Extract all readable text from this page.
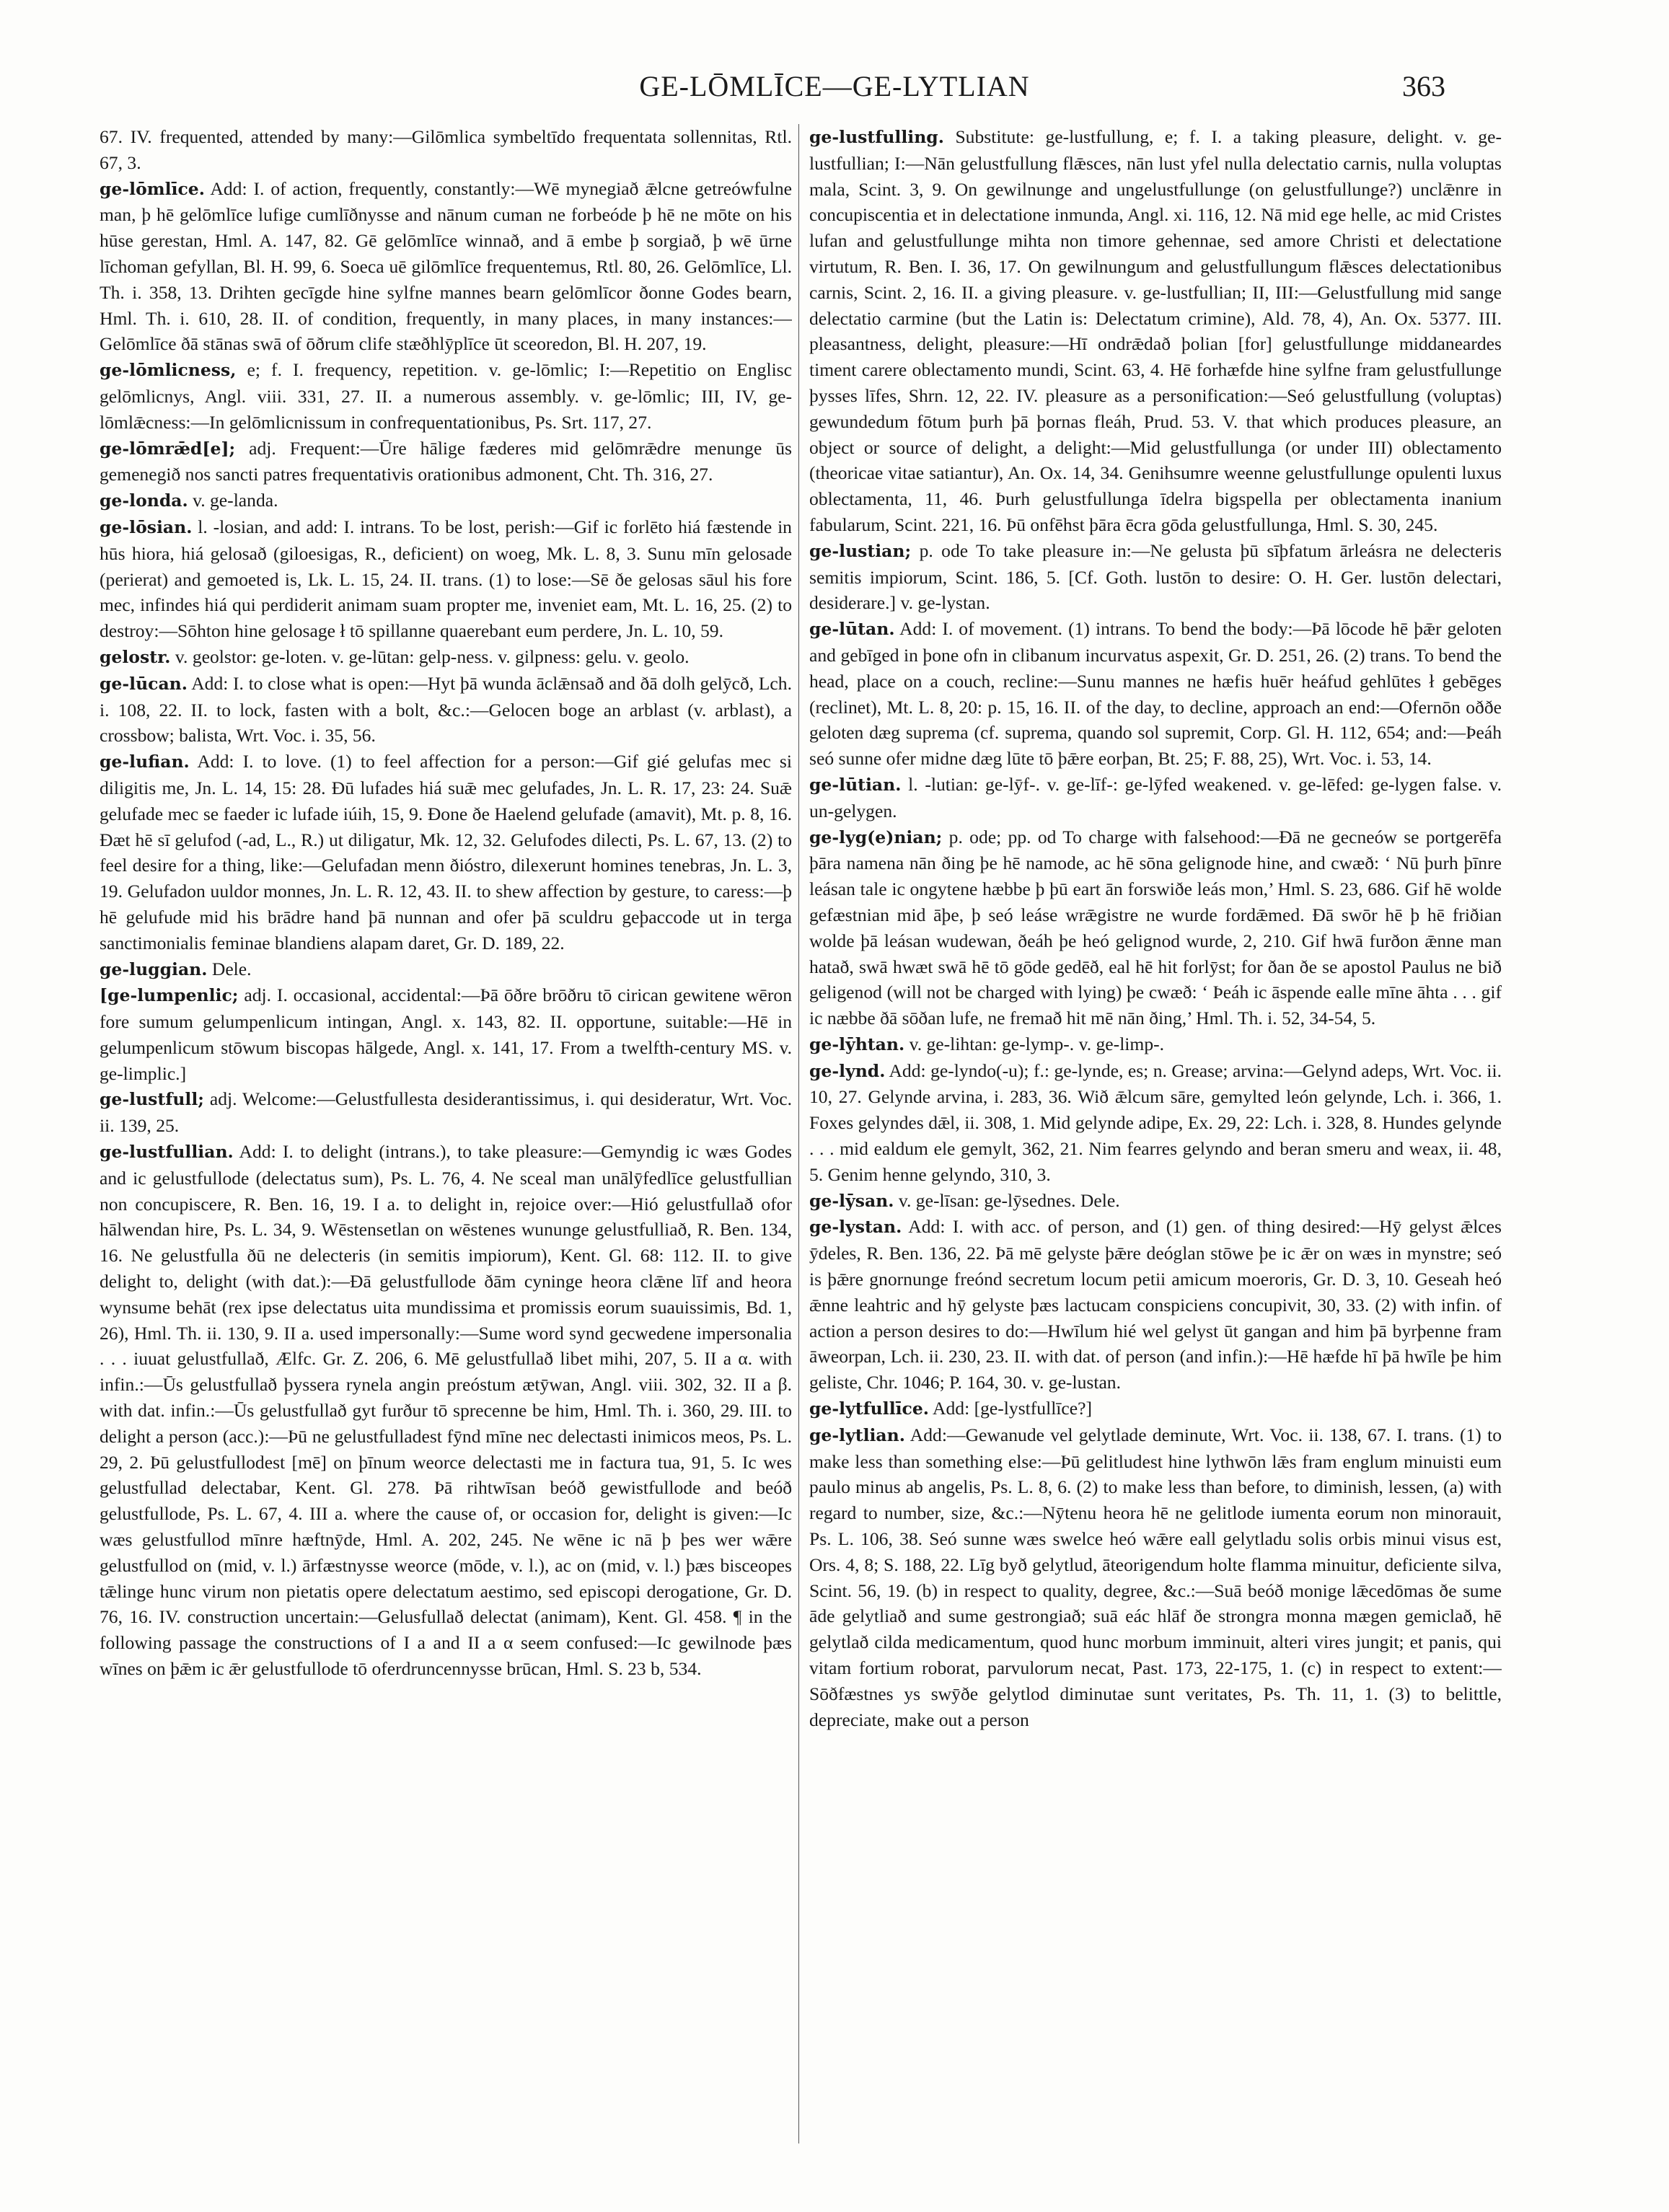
GE-LŌMLĪCE—GE-LYTLIAN	363

67. IV. frequented, attended by many:—Gilōmlica symbeltīdo frequentata sollennitas, Rtl. 67, 3.

ge-lōmlīce. Add: I. of action, frequently, constantly:—Wē mynegiað ǣlcne getreówfulne man, þ hē gelōmlīce lufige cumlīðnysse and nānum cuman ne forbeóde þ hē ne mōte on his hūse gerestan, Hml. A. 147, 82. Gē gelōmlīce winnað, and ā embe þ sorgiað, þ wē ūrne līchoman gefyllan, Bl. H. 99, 6. Soeca uē gilōmlīce frequentemus, Rtl. 80, 26. Gelōmlīce, Ll. Th. i. 358, 13. Drihten gecīgde hine sylfne mannes bearn gelōmlīcor ðonne Godes bearn, Hml. Th. i. 610, 28. II. of condition, frequently, in many places, in many instances:—Gelōmlīce ðā stānas swā of ōðrum clife stæðhlȳplīce ūt sceoredon, Bl. H. 207, 19.

ge-lōmlicness, e; f. I. frequency, repetition. v. ge-lōmlic; I:—Repetitio on Englisc gelōmlicnys, Angl. viii. 331, 27. II. a numerous assembly. v. ge-lōmlic; III, IV, ge-lōmlǣcness:—In gelōmlicnissum in confrequentationibus, Ps. Srt. 117, 27.

ge-lōmrǣd[e]; adj. Frequent:—Ūre hālige fæderes mid gelōmrǣdre menunge ūs gemenegið nos sancti patres frequentativis orationibus admonent, Cht. Th. 316, 27.

ge-londa. v. ge-landa.

ge-lōsian. l. -losian, and add: I. intrans. To be lost, perish:—Gif ic forlēto hiá fæstende in hūs hiora, hiá gelosað (giloesigas, R., deficient) on woeg, Mk. L. 8, 3. Sunu mīn gelosade (perierat) and gemoeted is, Lk. L. 15, 24. II. trans. (1) to lose:—Sē ðe gelosas sāul his fore mec, infindes hiá qui perdiderit animam suam propter me, inveniet eam, Mt. L. 16, 25. (2) to destroy:—Sōhton hine gelosage ł tō spillanne quaerebant eum perdere, Jn. L. 10, 59.

gelostr. v. geolstor: ge-loten. v. ge-lūtan: gelp-ness. v. gilpness: gelu. v. geolo.

ge-lūcan. Add: I. to close what is open:—Hyt þā wunda āclǣnsað and ðā dolh gelȳcð, Lch. i. 108, 22. II. to lock, fasten with a bolt, &c.:—Gelocen boge an arblast (v. arblast), a crossbow; balista, Wrt. Voc. i. 35, 56.

ge-lufian. Add: I. to love. (1) to feel affection for a person:—Gif gié gelufas mec si diligitis me, Jn. L. 14, 15: 28. Ðū lufades hiá suǣ mec gelufades, Jn. L. R. 17, 23: 24. Suǣ gelufade mec se faeder ic lufade iúih, 15, 9. Ðone ðe Haelend gelufade (amavit), Mt. p. 8, 16. Ðæt hē sī gelufod (-ad, L., R.) ut diligatur, Mk. 12, 32. Gelufodes dilecti, Ps. L. 67, 13. (2) to feel desire for a thing, like:—Gelufadan menn ðióstro, dilexerunt homines tenebras, Jn. L. 3, 19. Gelufadon uuldor monnes, Jn. L. R. 12, 43. II. to shew affection by gesture, to caress:—þ hē gelufude mid his brādre hand þā nunnan and ofer þā sculdru geþaccode ut in terga sanctimonialis feminae blandiens alapam daret, Gr. D. 189, 22.

ge-luggian. Dele.

[ge-lumpenlic; adj. I. occasional, accidental:—Þā ōðre brōðru tō cirican gewitene wēron fore sumum gelumpenlicum intingan, Angl. x. 143, 82. II. opportune, suitable:—Hē in gelumpenlicum stōwum biscopas hālgede, Angl. x. 141, 17. From a twelfth-century MS. v. ge-limplic.]

ge-lustfull; adj. Welcome:—Gelustfullesta desiderantissimus, i. qui desideratur, Wrt. Voc. ii. 139, 25.

ge-lustfullian. Add: I. to delight (intrans.), to take pleasure:—Gemyndig ic wæs Godes and ic gelustfullode (delectatus sum), Ps. L. 76, 4. Ne sceal man unālȳfedlīce gelustfullian non concupiscere, R. Ben. 16, 19. I a. to delight in, rejoice over:—Hió gelustfullað ofor hālwendan hire, Ps. L. 34, 9. Wēstensetlan on wēstenes wununge gelustfulliað, R. Ben. 134, 16. Ne gelustfulla ðū ne delecteris (in semitis impiorum), Kent. Gl. 68: 112. II. to give delight to, delight (with dat.):—Ðā gelustfullode ðām cyninge heora clǣne līf and heora wynsume behāt (rex ipse delectatus uita mundissima et promissis eorum suauissimis, Bd. 1, 26), Hml. Th. ii. 130, 9. II a. used impersonally:—Sume word synd gecwedene impersonalia . . . iuuat gelustfullað, Ælfc. Gr. Z. 206, 6. Mē gelustfullað libet mihi, 207, 5. II a α. with infin.:—Ūs gelustfullað þyssera rynela angin preóstum ætȳwan, Angl. viii. 302, 32. II a β. with dat. infin.:—Ūs gelustfullað gyt furður tō sprecenne be him, Hml. Th. i. 360, 29. III. to delight a person (acc.):—Þū ne gelustfulladest fȳnd mīne nec delectasti inimicos meos, Ps. L. 29, 2. Þū gelustfullodest [mē] on þīnum weorce delectasti me in factura tua, 91, 5. Ic wes gelustfullad delectabar, Kent. Gl. 278. Þā rihtwīsan beóð gewistfullode and beóð gelustfullode, Ps. L. 67, 4. III a. where the cause of, or occasion for, delight is given:—Ic wæs gelustfullod mīnre hæftnȳde, Hml. A. 202, 245. Ne wēne ic nā þ þes wer wǣre gelustfullod on (mid, v. l.) ārfæstnysse weorce (mōde, v. l.), ac on (mid, v. l.) þæs bisceopes tǣlinge hunc virum non pietatis opere delectatum aestimo, sed episcopi derogatione, Gr. D. 76, 16. IV. construction uncertain:—Gelusfullað delectat (animam), Kent. Gl. 458. ¶ in the following passage the constructions of I a and II a α seem confused:—Ic gewilnode þæs wīnes on þǣm ic ǣr gelustfullode tō oferdruncennysse brūcan, Hml. S. 23 b, 534.

ge-lustfulling. Substitute: ge-lustfullung, e; f. I. a taking pleasure, delight. v. ge-lustfullian; I:—Nān gelustfullung flǣsces, nān lust yfel nulla delectatio carnis, nulla voluptas mala, Scint. 3, 9. On gewilnunge and ungelustfullunge (on gelustfullunge?) unclǣnre in concupiscentia et in delectatione inmunda, Angl. xi. 116, 12. Nā mid ege helle, ac mid Cristes lufan and gelustfullunge mihta non timore gehennae, sed amore Christi et delectatione virtutum, R. Ben. I. 36, 17. On gewilnungum and gelustfullungum flǣsces delectationibus carnis, Scint. 2, 16. II. a giving pleasure. v. ge-lustfullian; II, III:—Gelustfullung mid sange delectatio carmine (but the Latin is: Delectatum crimine), Ald. 78, 4), An. Ox. 5377. III. pleasantness, delight, pleasure:—Hī ondrǣdað þolian [for] gelustfullunge middaneardes timent carere oblectamento mundi, Scint. 63, 4. Hē forhæfde hine sylfne fram gelustfullunge þysses līfes, Shrn. 12, 22. IV. pleasure as a personification:—Seó gelustfullung (voluptas) gewundedum fōtum þurh þā þornas fleáh, Prud. 53. V. that which produces pleasure, an object or source of delight, a delight:—Mid gelustfullunga (or under III) oblectamento (theoricae vitae satiantur), An. Ox. 14, 34. Genihsumre weenne gelustfullunge opulenti luxus oblectamenta, 11, 46. Þurh gelustfullunga īdelra bigspella per oblectamenta inanium fabularum, Scint. 221, 16. Þū onfēhst þāra ēcra gōda gelustfullunga, Hml. S. 30, 245.

ge-lustian; p. ode To take pleasure in:—Ne gelusta þū sīþfatum ārleásra ne delecteris semitis impiorum, Scint. 186, 5. [Cf. Goth. lustōn to desire: O. H. Ger. lustōn delectari, desiderare.] v. ge-lystan.

ge-lūtan. Add: I. of movement. (1) intrans. To bend the body:—Þā lōcode hē þǣr geloten and gebīged in þone ofn in clibanum incurvatus aspexit, Gr. D. 251, 26. (2) trans. To bend the head, place on a couch, recline:—Sunu mannes ne hæfis huēr heáfud gehlūtes ł gebēges (reclinet), Mt. L. 8, 20: p. 15, 16. II. of the day, to decline, approach an end:—Ofernōn oððe geloten dæg suprema (cf. suprema, quando sol supremit, Corp. Gl. H. 112, 654; and:—Þeáh seó sunne ofer midne dæg lūte tō þǣre eorþan, Bt. 25; F. 88, 25), Wrt. Voc. i. 53, 14.

ge-lūtian. l. -lutian: ge-lȳf-. v. ge-līf-: ge-lȳfed weakened. v. ge-lēfed: ge-lygen false. v. un-gelygen.

ge-lyg(e)nian; p. ode; pp. od To charge with falsehood:—Ðā ne gecneów se portgerēfa þāra namena nān ðing þe hē namode, ac hē sōna gelignode hine, and cwæð: ‘ Nū þurh þīnre leásan tale ic ongytene hæbbe þ þū eart ān forswiðe leás mon,’ Hml. S. 23, 686. Gif hē wolde gefæstnian mid āþe, þ seó leáse wrǣgistre ne wurde fordǣmed. Ðā swōr hē þ hē friðian wolde þā leásan wudewan, ðeáh þe heó gelignod wurde, 2, 210. Gif hwā furðon ǣnne man hatað, swā hwæt swā hē tō gōde gedēð, eal hē hit forlȳst; for ðan ðe se apostol Paulus ne bið geligenod (will not be charged with lying) þe cwæð: ‘ Þeáh ic āspende ealle mīne āhta . . . gif ic næbbe ðā sōðan lufe, ne fremað hit mē nān ðing,’ Hml. Th. i. 52, 34-54, 5.

ge-lȳhtan. v. ge-lihtan: ge-lymp-. v. ge-limp-.

ge-lynd. Add: ge-lyndo(-u); f.: ge-lynde, es; n. Grease; arvina:—Gelynd adeps, Wrt. Voc. ii. 10, 27. Gelynde arvina, i. 283, 36. Wið ǣlcum sāre, gemylted león gelynde, Lch. i. 366, 1. Foxes gelyndes dǣl, ii. 308, 1. Mid gelynde adipe, Ex. 29, 22: Lch. i. 328, 8. Hundes gelynde . . . mid ealdum ele gemylt, 362, 21. Nim fearres gelyndo and beran smeru and weax, ii. 48, 5. Genim henne gelyndo, 310, 3.

ge-lȳsan. v. ge-līsan: ge-lȳsednes. Dele.

ge-lystan. Add: I. with acc. of person, and (1) gen. of thing desired:—Hȳ gelyst ǣlces ȳdeles, R. Ben. 136, 22. Þā mē gelyste þǣre deóglan stōwe þe ic ǣr on wæs in mynstre; seó is þǣre gnornunge freónd secretum locum petii amicum moeroris, Gr. D. 3, 10. Geseah heó ǣnne leahtric and hȳ gelyste þæs lactucam conspiciens concupivit, 30, 33. (2) with infin. of action a person desires to do:—Hwīlum hié wel gelyst ūt gangan and him þā byrþenne fram āweorpan, Lch. ii. 230, 23. II. with dat. of person (and infin.):—Hē hæfde hī þā hwīle þe him geliste, Chr. 1046; P. 164, 30. v. ge-lustan.

ge-lytfullīce. Add: [ge-lystfullīce?]

ge-lytlian. Add:—Gewanude vel gelytlade deminute, Wrt. Voc. ii. 138, 67. I. trans. (1) to make less than something else:—Þū gelitludest hine lythwōn lǣs fram englum minuisti eum paulo minus ab angelis, Ps. L. 8, 6. (2) to make less than before, to diminish, lessen, (a) with regard to number, size, &c.:—Nȳtenu heora hē ne gelitlode iumenta eorum non minorauit, Ps. L. 106, 38. Seó sunne wæs swelce heó wǣre eall gelytladu solis orbis minui visus est, Ors. 4, 8; S. 188, 22. Līg byð gelytlud, āteorigendum holte flamma minuitur, deficiente silva, Scint. 56, 19. (b) in respect to quality, degree, &c.:—Suā beóð monige lǣcedōmas ðe sume āde gelytliað and sume gestrongiað; suā eác hlāf ðe strongra monna mægen gemiclað, hē gelytlað cilda medicamentum, quod hunc morbum imminuit, alteri vires jungit; et panis, qui vitam fortium roborat, parvulorum necat, Past. 173, 22-175, 1. (c) in respect to extent:—Sōðfæstnes ys swȳðe gelytlod diminutae sunt veritates, Ps. Th. 11, 1. (3) to belittle, depreciate, make out a person
